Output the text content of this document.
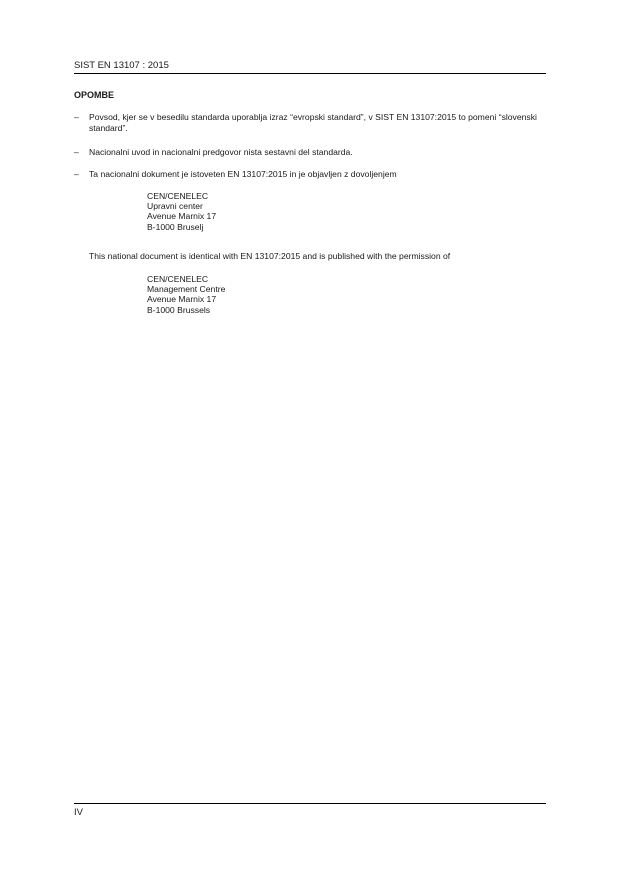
SIST EN 13107 : 2015
OPOMBE
– Povsod, kjer se v besedilu standarda uporablja izraz “evropski standard”, v SIST EN 13107:2015 to pomeni “slovenski standard”.
– Nacionalni uvod in nacionalni predgovor nista sestavni del standarda.
– Ta nacionalni dokument je istoveten EN 13107:2015 in je objavljen z dovoljenjem
CEN/CENELEC
Upravni center
Avenue Marnix 17
B-1000 Bruselj
This national document is identical with EN 13107:2015 and is published with the permission of
CEN/CENELEC
Management Centre
Avenue Marnix 17
B-1000 Brussels
IV
